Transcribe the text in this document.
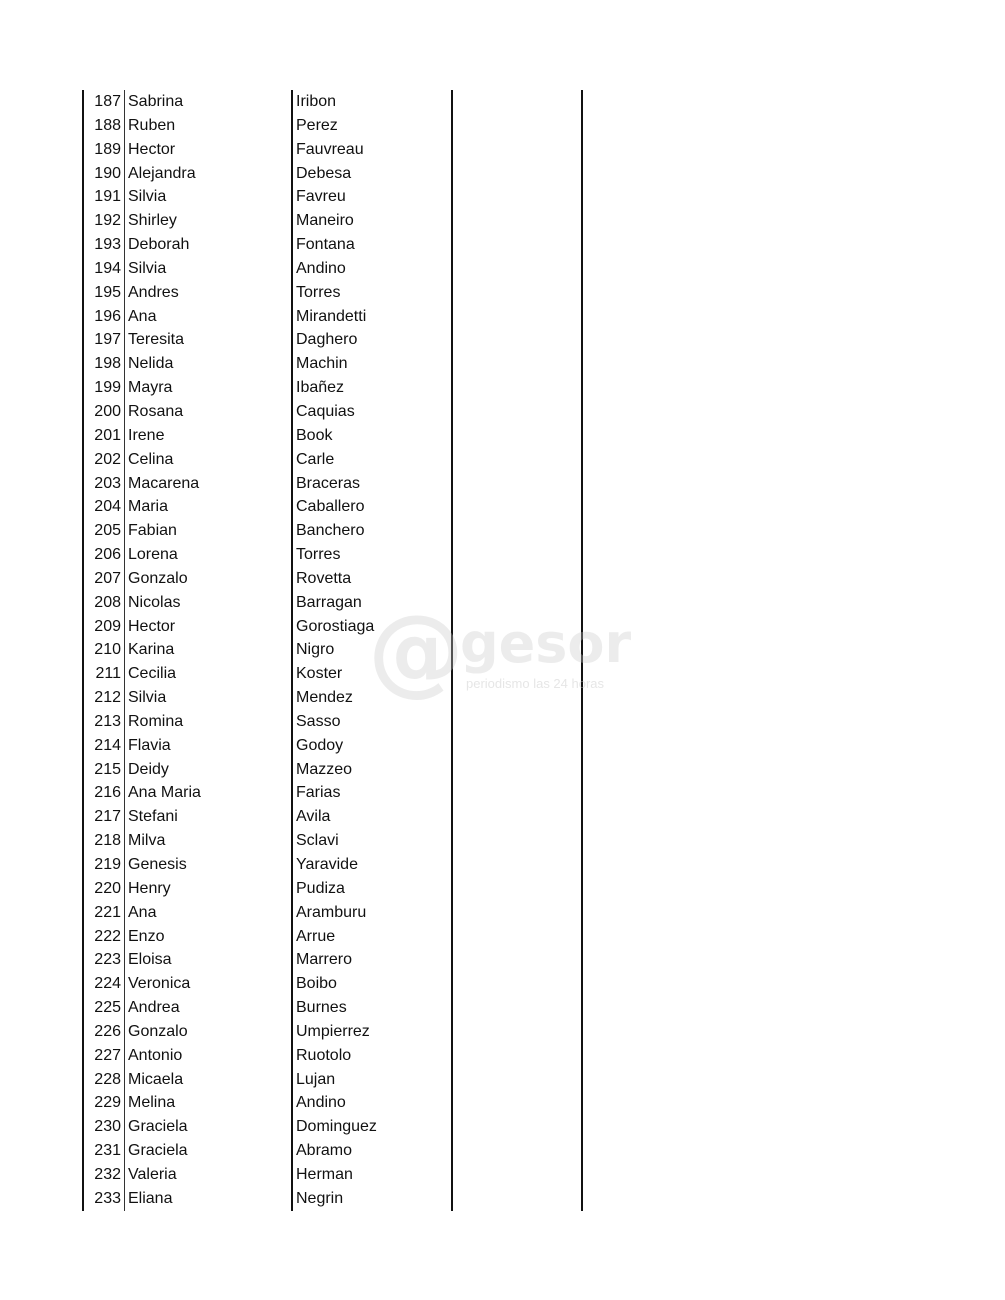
187 Sabrina	Iribon
188 Ruben	Perez
189 Hector	Fauvreau
190 Alejandra	Debesa
191 Silvia	Favreu
192 Shirley	Maneiro
193 Deborah	Fontana
194 Silvia	Andino
195 Andres	Torres
196 Ana	Mirandetti
197 Teresita	Daghero
198 Nelida	Machin
199 Mayra	Ibañez
200 Rosana	Caquias
201 Irene	Book
202 Celina	Carle
203 Macarena	Braceras
204 Maria	Caballero
205 Fabian	Banchero
206 Lorena	Torres
207 Gonzalo	Rovetta
208 Nicolas	Barragan
209 Hector	Gorostiaga
210 Karina	Nigro
211 Cecilia	Koster
212 Silvia	Mendez
213 Romina	Sasso
214 Flavia	Godoy
215 Deidy	Mazzeo
216 Ana Maria	Farias
217 Stefani	Avila
218 Milva	Sclavi
219 Genesis	Yaravide
220 Henry	Pudiza
221 Ana	Aramburu
222 Enzo	Arrue
223 Eloisa	Marrero
224 Veronica	Boibo
225 Andrea	Burnes
226 Gonzalo	Umpierrez
227 Antonio	Ruotolo
228 Micaela	Lujan
229 Melina	Andino
230 Graciela	Dominguez
231 Graciela	Abramo
232 Valeria	Herman
233 Eliana	Negrin
@
gesor
periodismo las 24 horas
